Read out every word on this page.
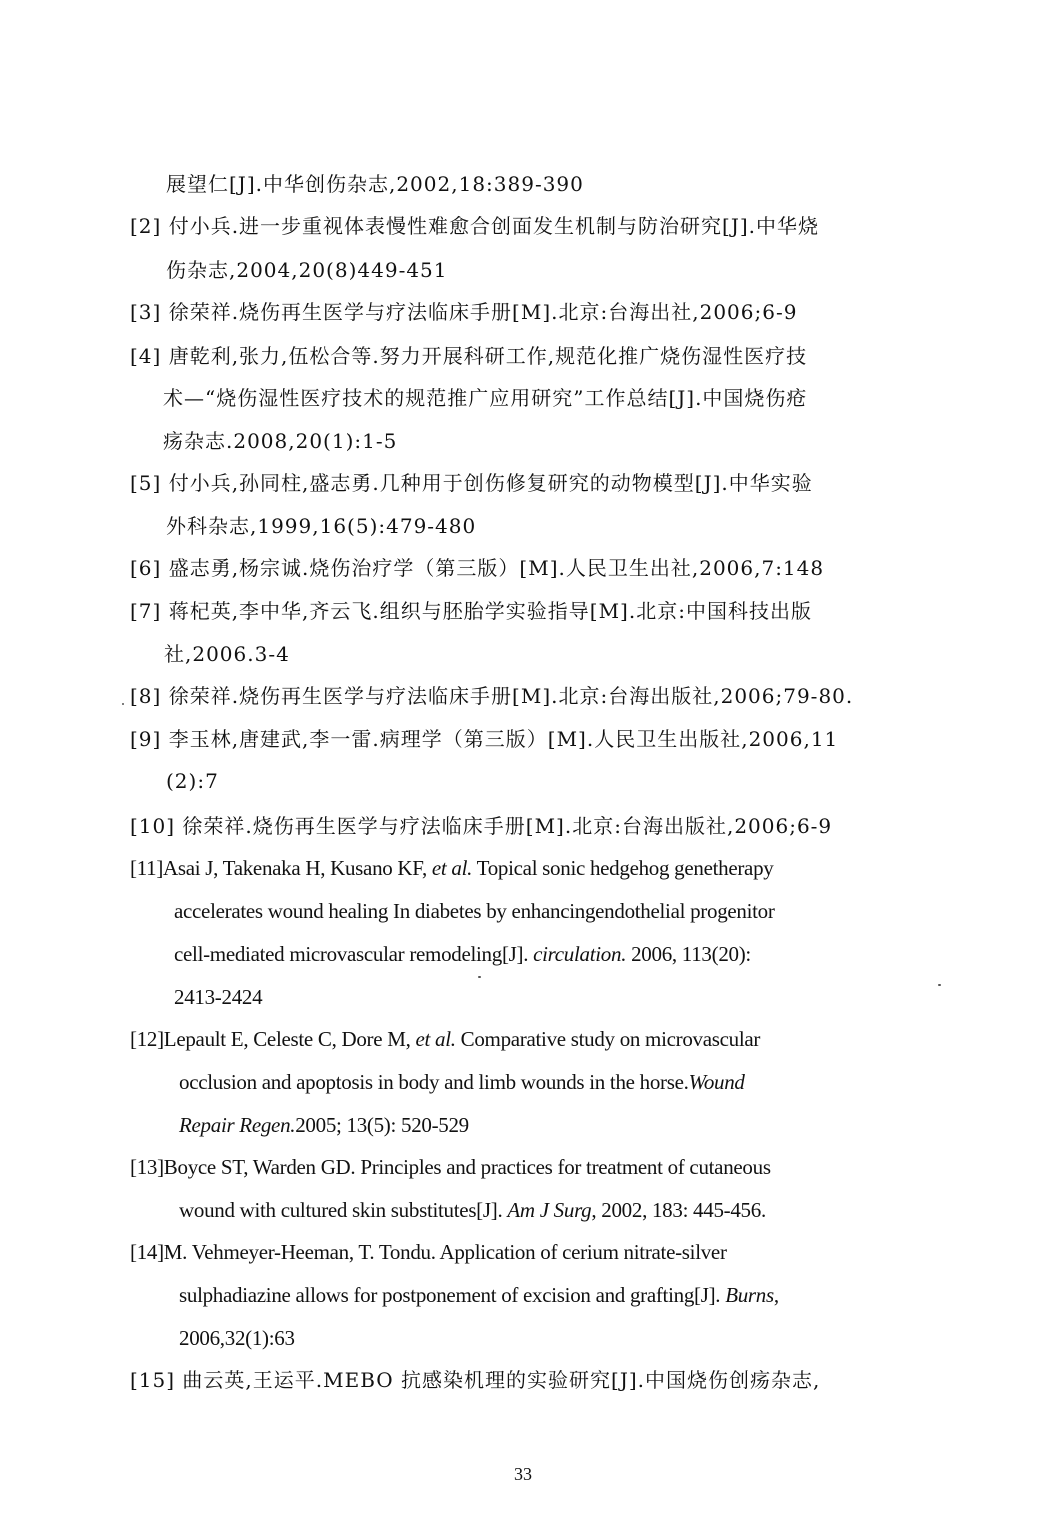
展望仁[J].中华创伤杂志,2002,18:389-390
[2] 付小兵.进一步重视体表慢性难愈合创面发生机制与防治研究[J].中华烧
伤杂志,2004,20(8)449-451
[3] 徐荣祥.烧伤再生医学与疗法临床手册[M].北京:台海出社,2006;6-9
[4] 唐乾利,张力,伍松合等.努力开展科研工作,规范化推广烧伤湿性医疗技
术—“烧伤湿性医疗技术的规范推广应用研究”工作总结[J].中国烧伤疮
疡杂志.2008,20(1):1-5
[5] 付小兵,孙同柱,盛志勇.几种用于创伤修复研究的动物模型[J].中华实验
外科杂志,1999,16(5):479-480
[6] 盛志勇,杨宗诚.烧伤治疗学（第三版）[M].人民卫生出社,2006,7:148
[7] 蒋杞英,李中华,齐云飞.组织与胚胎学实验指导[M].北京:中国科技出版
社,2006.3-4
[8] 徐荣祥.烧伤再生医学与疗法临床手册[M].北京:台海出版社,2006;79-80.
[9] 李玉林,唐建武,李一雷.病理学（第三版）[M].人民卫生出版社,2006,11
(2):7
[10] 徐荣祥.烧伤再生医学与疗法临床手册[M].北京:台海出版社,2006;6-9
[11]Asai J, Takenaka H, Kusano KF, et al. Topical sonic hedgehog genetherapy
accelerates wound healing In diabetes by enhancingendothelial progenitor
cell-mediated microvascular remodeling[J]. circulation. 2006, 113(20):
2413-2424
[12]Lepault E, Celeste C, Dore M, et al. Comparative study on microvascular
occlusion and apoptosis in body and limb wounds in the horse.Wound
Repair Regen.2005; 13(5): 520-529
[13]Boyce ST, Warden GD. Principles and practices for treatment of cutaneous
wound with cultured skin substitutes[J]. Am J Surg, 2002, 183: 445-456.
[14]M. Vehmeyer-Heeman, T. Tondu. Application of cerium nitrate-silver
sulphadiazine allows for postponement of excision and grafting[J]. Burns,
2006,32(1):63
[15] 曲云英,王运平.MEBO 抗感染机理的实验研究[J].中国烧伤创疡杂志,
33
